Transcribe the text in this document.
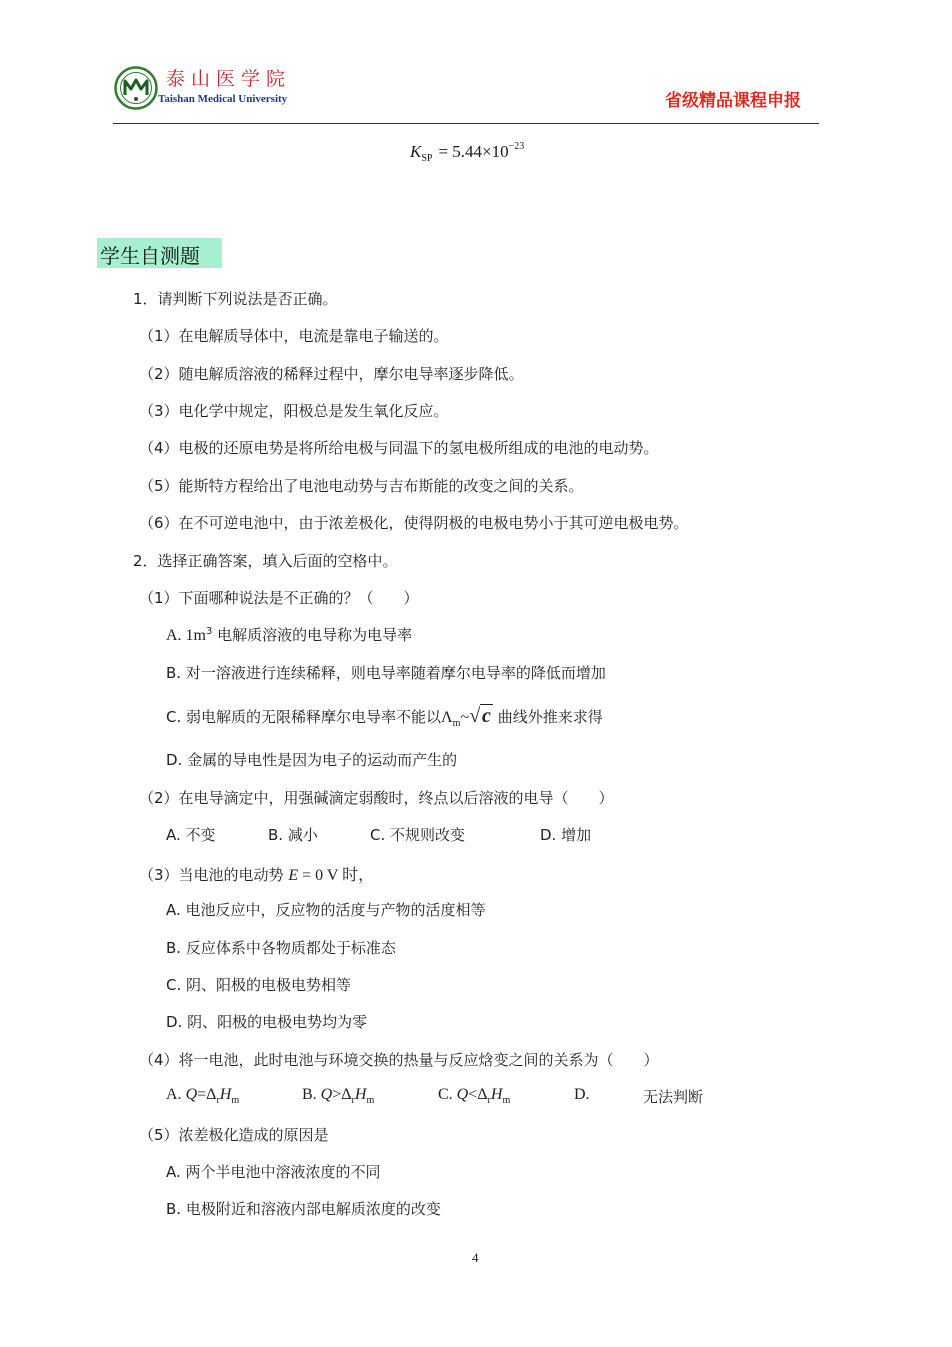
泰山医学院
Taishan Medical University	省级精品课程申报
$K_{SP} = 5.44\times 10^{-23}$
学生自测题
1．请判断下列说法是否正确。
（1）在电解质导体中，电流是靠电子输送的。
（2）随电解质溶液的稀释过程中，摩尔电导率逐步降低。
（3）电化学中规定，阳极总是发生氧化反应。
（4）电极的还原电势是将所给电极与同温下的氢电极所组成的电池的电动势。
（5）能斯特方程给出了电池电动势与吉布斯能的改变之间的关系。
（6）在不可逆电池中，由于浓差极化，使得阴极的电极电势小于其可逆电极电势。
2．选择正确答案，填入后面的空格中。
（1）下面哪种说法是不正确的？（　　）
A. $1m^3$ 电解质溶液的电导称为电导率
B. 对一溶液进行连续稀释，则电导率随着摩尔电导率的降低而增加
C. 弱电解质的无限稀释摩尔电导率不能以$\Lambda_m\sim√$ c 曲线外推来求得
D. 金属的导电性是因为电子的运动而产生的
（2）在电导滴定中，用强碱滴定弱酸时，终点以后溶液的电导（　　）
A. 不变	B. 减小	C. 不规则改变	D. 增加
（3）当电池的电动势 E = 0 V 时，
A. 电池反应中，反应物的活度与产物的活度相等
B. 反应体系中各物质都处于标准态
C. 阴、阳极的电极电势相等
D. 阴、阳极的电极电势均为零
（4）将一电池，此时电池与环境交换的热量与反应焓变之间的关系为（　　）
A. $Q=\Delta_rH_m$	B. $Q>\Delta_rH_m$	C. $Q<\Delta_rH_m$	D.	无法判断
（5）浓差极化造成的原因是
A. 两个半电池中溶液浓度的不同
B. 电极附近和溶液内部电解质浓度的改变
4
